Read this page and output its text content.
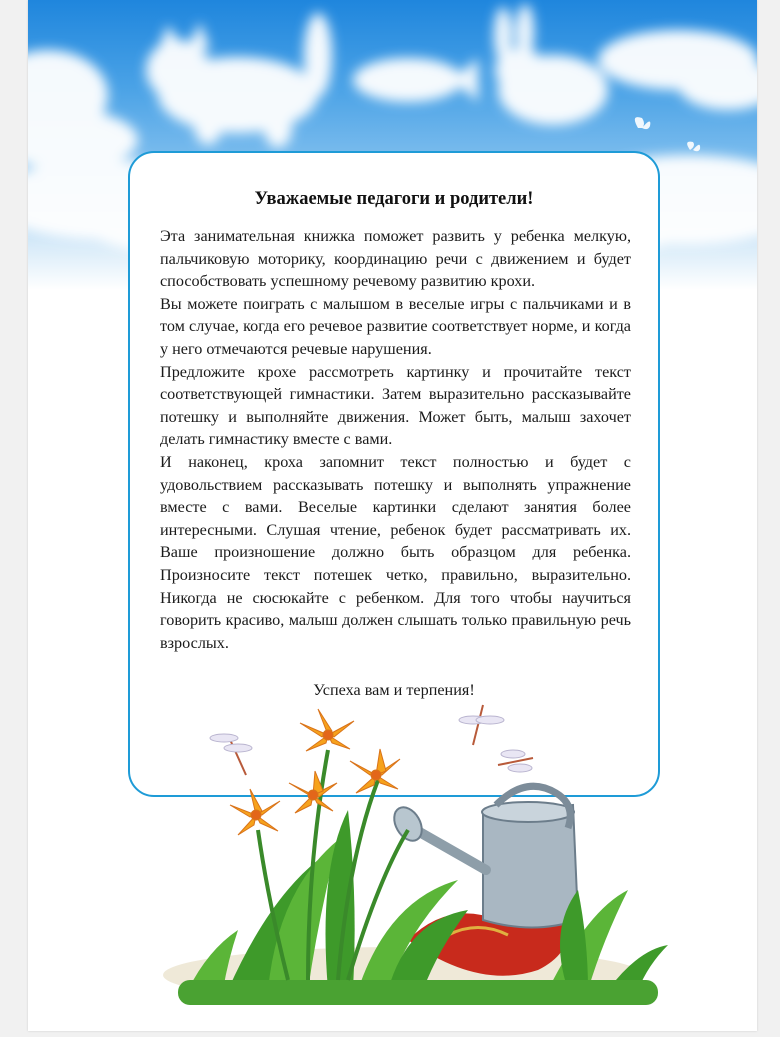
Уважаемые педагоги и родители!

Эта занимательная книжка поможет развить у ребенка мелкую, пальчиковую моторику, координацию речи с движением и будет способствовать успешному речевому развитию крохи.

Вы можете поиграть с малышом в веселые игры с пальчиками и в том случае, когда его речевое развитие соответствует норме, и когда у него отмечаются речевые нарушения.

Предложите крохе рассмотреть картинку и прочитайте текст соответствующей гимнастики. Затем выразительно рассказывайте потешку и выполняйте движения. Может быть, малыш захочет делать гимнастику вместе с вами.

И наконец, кроха запомнит текст полностью и будет с удовольствием рассказывать потешку и выполнять упражнение вместе с вами. Веселые картинки сделают занятия более интересными. Слушая чтение, ребенок будет рассматривать их. Ваше произношение должно быть образцом для ребенка. Произносите текст потешек четко, правильно, выразительно. Никогда не сюсюкайте с ребенком. Для того чтобы научиться говорить красиво, малыш должен слышать только правильную речь взрослых.

Успеха вам и терпения!
